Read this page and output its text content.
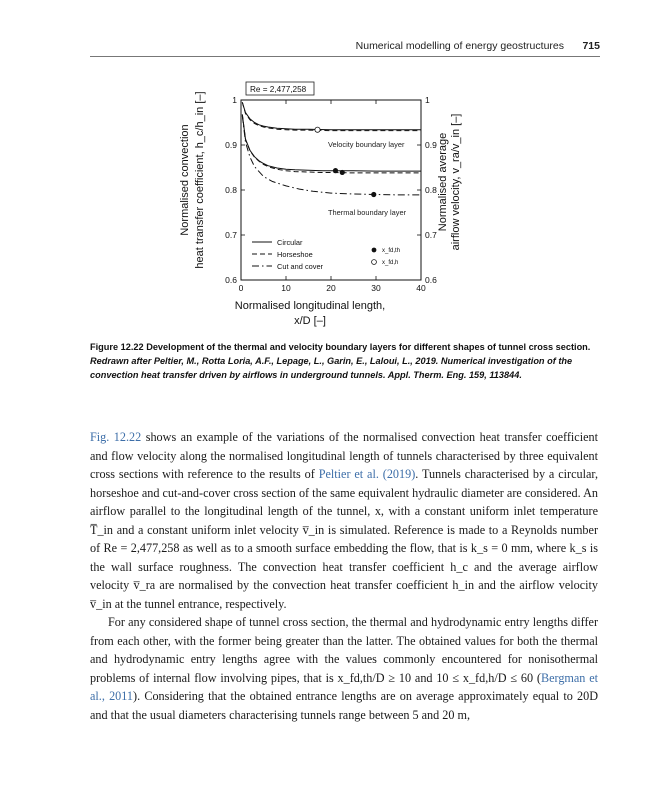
Numerical modelling of energy geostructures 715
0	10	20	30	40
0.6	0.6
0.7	0.7
0.8	0.8
0.9	0.9
1	1
Re = 2,477,258
Velocity boundary layer
Thermal boundary layer
Circular
Horseshoe
Cut and cover
x_fd,th
x_fd,h
Normalised longitudinal length,
x/D [–]
Normalised convection heat transfer coefficient, h_c/h_in [–]	Normalised average airflow velocity, v_ra/v_in [–]
Figure 12.22 Development of the thermal and velocity boundary layers for different shapes of tunnel cross section. Redrawn after Peltier, M., Rotta Loria, A.F., Lepage, L., Garin, E., Laloui, L., 2019. Numerical investigation of the convection heat transfer driven by airflows in underground tunnels. Appl. Therm. Eng. 159, 113844.

Fig. 12.22 shows an example of the variations of the normalised convection heat transfer coefficient and flow velocity along the normalised longitudinal length of tunnels characterised by three equivalent cross sections with reference to the results of Peltier et al. (2019). Tunnels characterised by a circular, horseshoe and cut-and-cover cross section of the same equivalent hydraulic diameter are considered. An airflow parallel to the longitudinal length of the tunnel, x, with a constant uniform inlet temperature T̅_in and a constant uniform inlet velocity v̅_in is simulated. Reference is made to a Reynolds number of Re = 2,477,258 as well as to a smooth surface embedding the flow, that is k_s = 0 mm, where k_s is the wall surface roughness. The convection heat transfer coefficient h_c and the average airflow velocity v̅_ra are normalised by the convection heat transfer coefficient h_in and the airflow velocity v̅_in at the tunnel entrance, respectively.

For any considered shape of tunnel cross section, the thermal and hydrodynamic entry lengths differ from each other, with the former being greater than the latter. The obtained values for both the thermal and hydrodynamic entry lengths agree with the values commonly encountered for nonisothermal problems of internal flow involving pipes, that is x_fd,th/D ≥ 10 and 10 ≤ x_fd,h/D ≤ 60 (Bergman et al., 2011). Considering that the obtained entrance lengths are on average approximately equal to 20D and that the usual diameters characterising tunnels range between 5 and 20 m,
